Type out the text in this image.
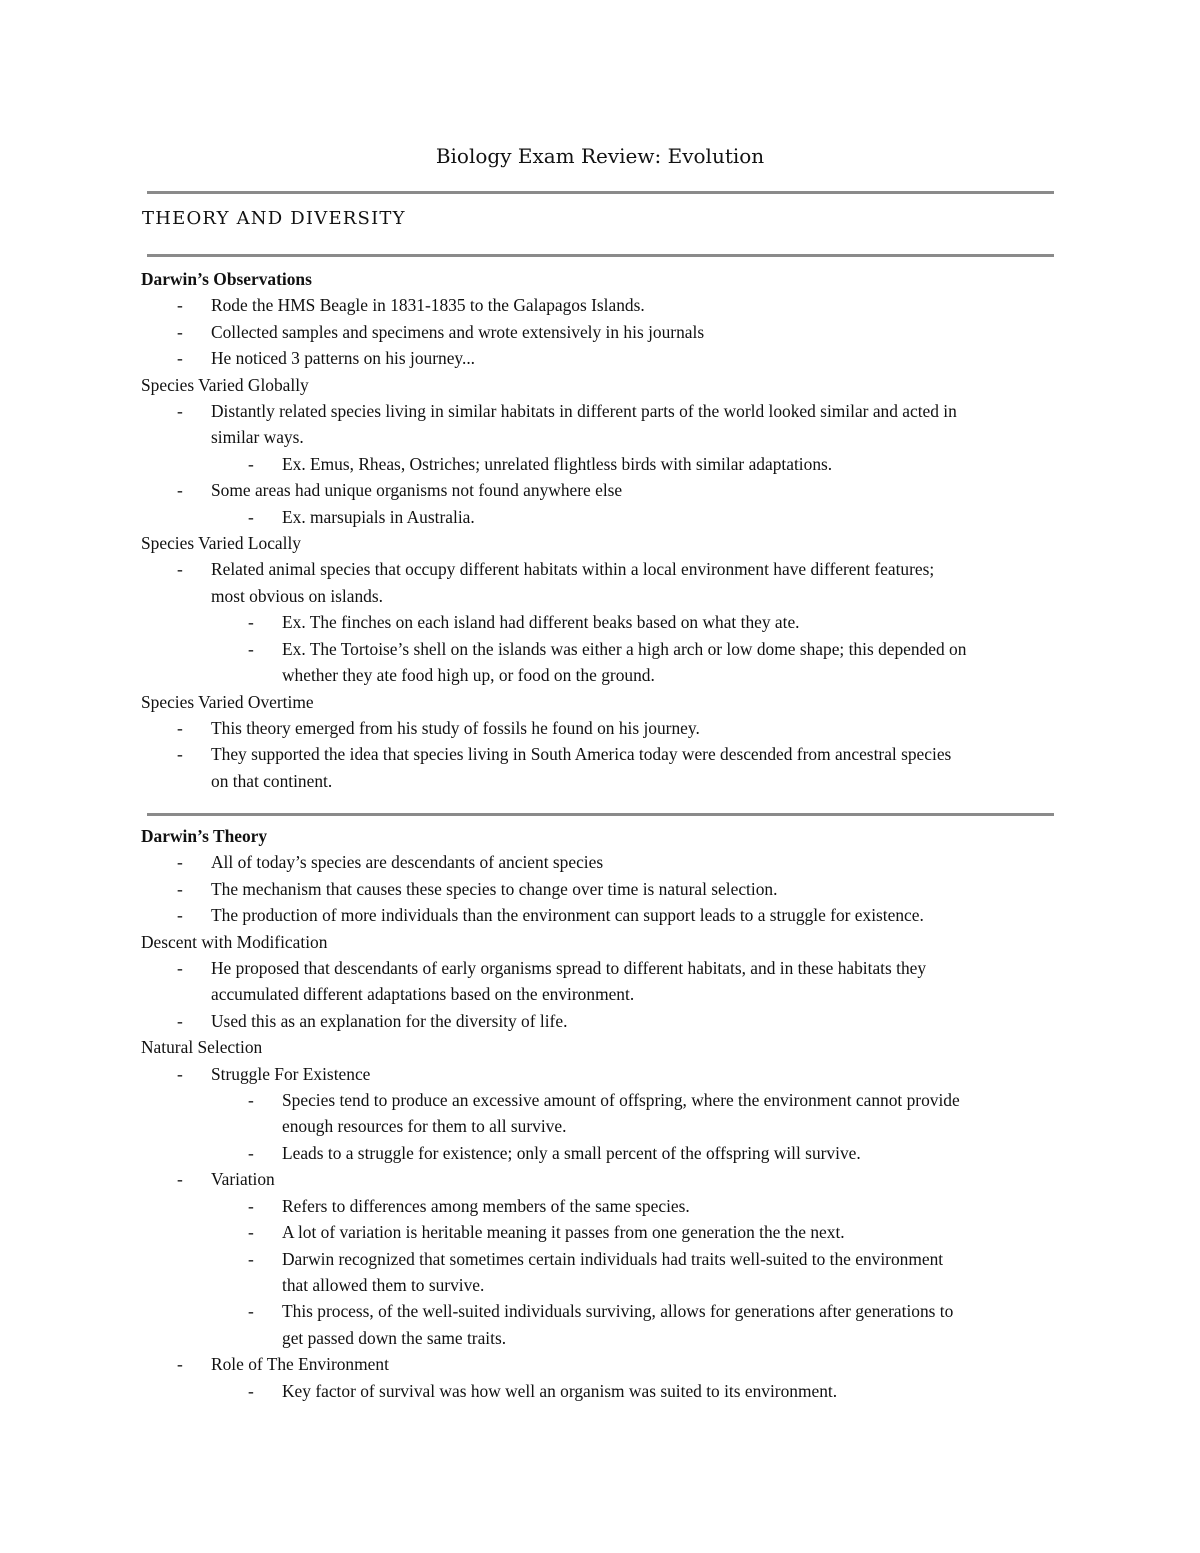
Biology Exam Review: Evolution
THEORY AND DIVERSITY
Darwin’s Observations
- Rode the HMS Beagle in 1831-1835 to the Galapagos Islands.
- Collected samples and specimens and wrote extensively in his journals
- He noticed 3 patterns on his journey...
Species Varied Globally
- Distantly related species living in similar habitats in different parts of the world looked similar and acted in
similar ways.
- Ex. Emus, Rheas, Ostriches; unrelated flightless birds with similar adaptations.
- Some areas had unique organisms not found anywhere else
- Ex. marsupials in Australia.
Species Varied Locally
- Related animal species that occupy different habitats within a local environment have different features;
most obvious on islands.
- Ex. The finches on each island had different beaks based on what they ate.
- Ex. The Tortoise’s shell on the islands was either a high arch or low dome shape; this depended on
whether they ate food high up, or food on the ground.
Species Varied Overtime
- This theory emerged from his study of fossils he found on his journey.
- They supported the idea that species living in South America today were descended from ancestral species
on that continent.
Darwin’s Theory
- All of today’s species are descendants of ancient species
- The mechanism that causes these species to change over time is natural selection.
- The production of more individuals than the environment can support leads to a struggle for existence.
Descent with Modification
- He proposed that descendants of early organisms spread to different habitats, and in these habitats they
accumulated different adaptations based on the environment.
- Used this as an explanation for the diversity of life.
Natural Selection
- Struggle For Existence
- Species tend to produce an excessive amount of offspring, where the environment cannot provide
enough resources for them to all survive.
- Leads to a struggle for existence; only a small percent of the offspring will survive.
- Variation
- Refers to differences among members of the same species.
- A lot of variation is heritable meaning it passes from one generation the the next.
- Darwin recognized that sometimes certain individuals had traits well-suited to the environment
that allowed them to survive.
- This process, of the well-suited individuals surviving, allows for generations after generations to
get passed down the same traits.
- Role of The Environment
- Key factor of survival was how well an organism was suited to its environment.
